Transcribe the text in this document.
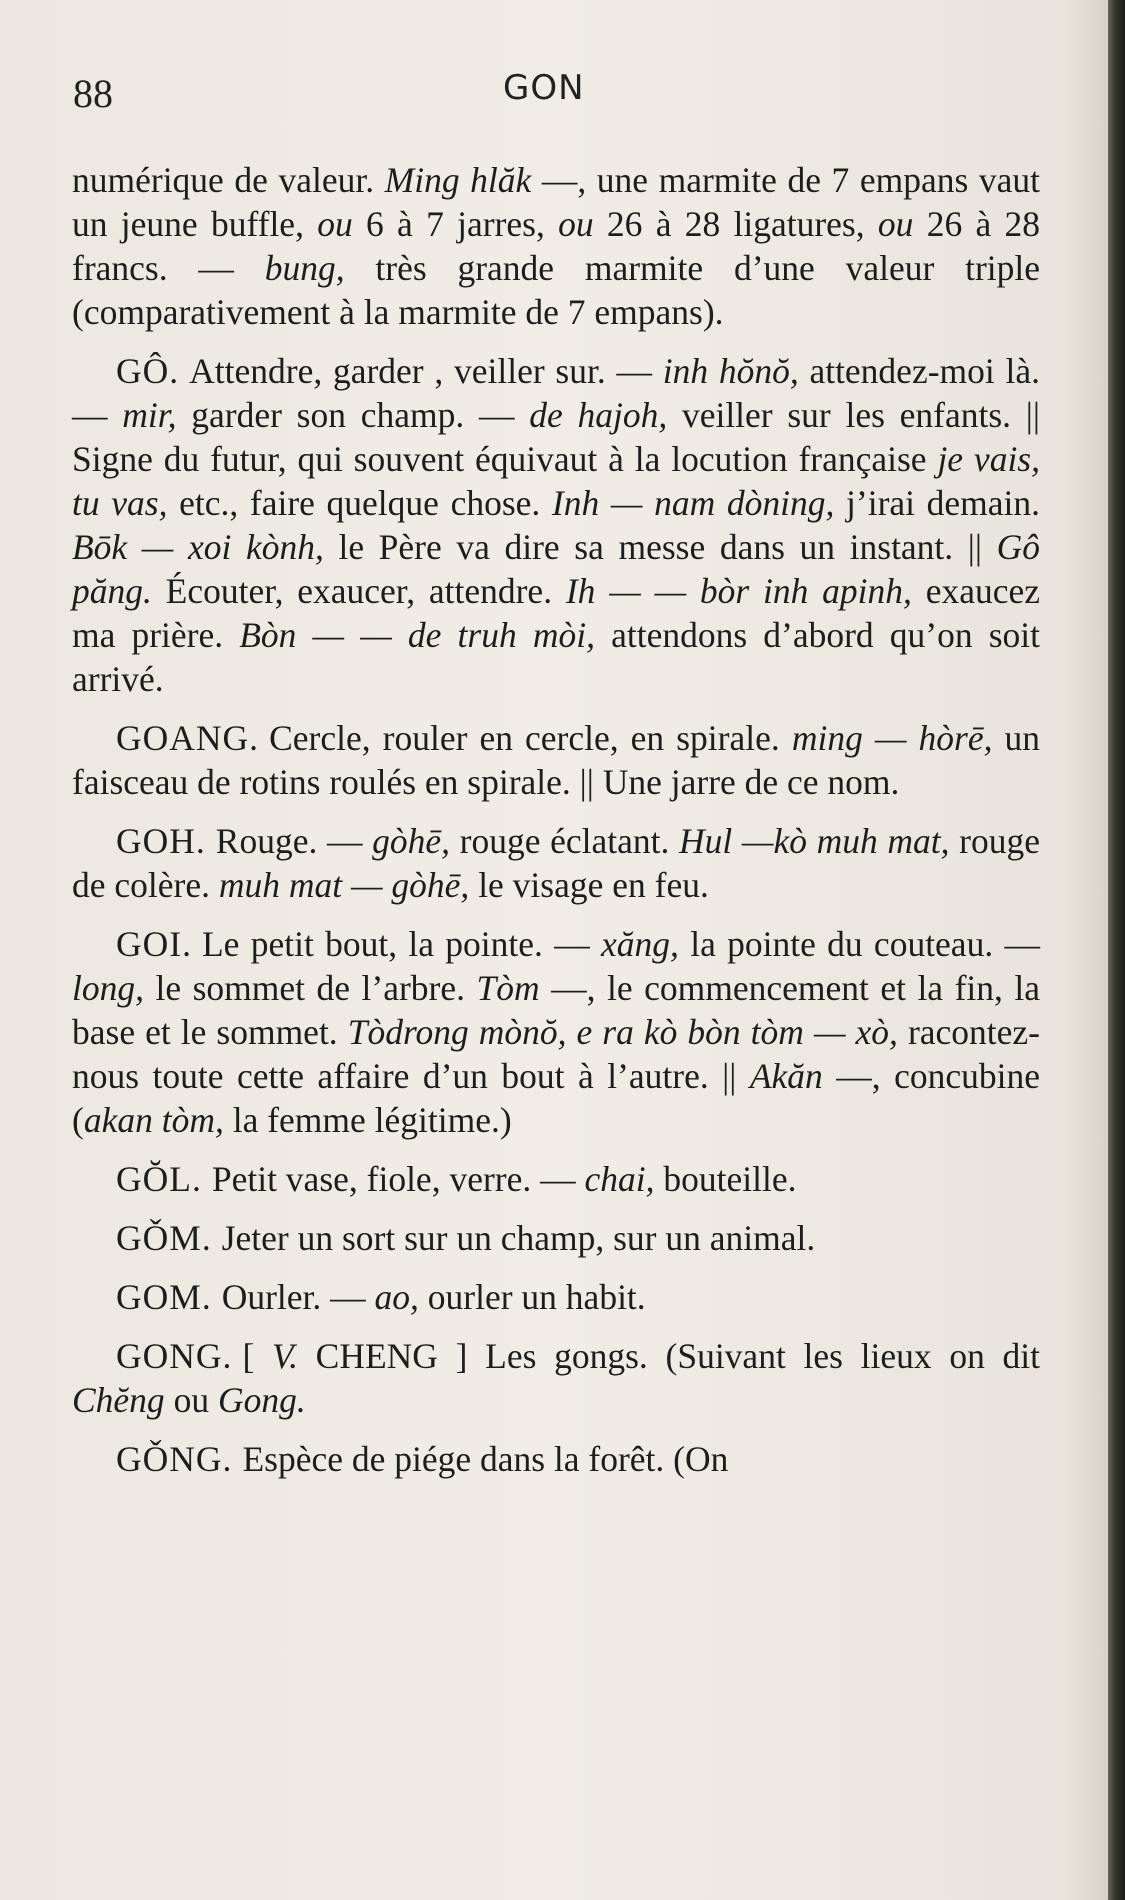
88	GON

numérique de valeur. Ming hlăk —, une marmite de 7 empans vaut un jeune buffle, ou 6 à 7 jarres, ou 26 à 28 ligatures, ou 26 à 28 francs. — bung, très grande marmite d’une valeur triple (comparativement à la marmite de 7 empans).

GÔ. Attendre, garder , veiller sur. — inh hŏnŏ, attendez-moi là. — mir, garder son champ. — de hajoh, veiller sur les enfants. || Signe du futur, qui souvent équivaut à la locution française je vais, tu vas, etc., faire quelque chose. Inh — nam dòning, j’irai demain. Bōk — xoi kònh, le Père va dire sa messe dans un instant. || Gô păng. Écouter, exaucer, attendre. Ih — — bòr inh apinh, exaucez ma prière. Bòn — — de truh mòi, attendons d’abord qu’on soit arrivé.

GOANG. Cercle, rouler en cercle, en spirale. ming — hòrē, un faisceau de rotins roulés en spirale. || Une jarre de ce nom.

GOH. Rouge. — gòhē, rouge éclatant. Hul —kò muh mat, rouge de colère. muh mat — gòhē, le visage en feu.

GOI. Le petit bout, la pointe. — xăng, la pointe du couteau. — long, le sommet de l’arbre. Tòm —, le commencement et la fin, la base et le sommet. Tòdrong mònŏ, e ra kò bòn tòm — xò, racontez-nous toute cette affaire d’un bout à l’autre. || Akăn —, concubine (akan tòm, la femme légitime.)

GŎL. Petit vase, fiole, verre. — chai, bouteille.

GǑM. Jeter un sort sur un champ, sur un animal.

GOM. Ourler. — ao, ourler un habit.

GONG. [ V. CHENG ] Les gongs. (Suivant les lieux on dit Chĕng ou Gong.

GǑNG. Espèce de piége dans la forêt. (On
